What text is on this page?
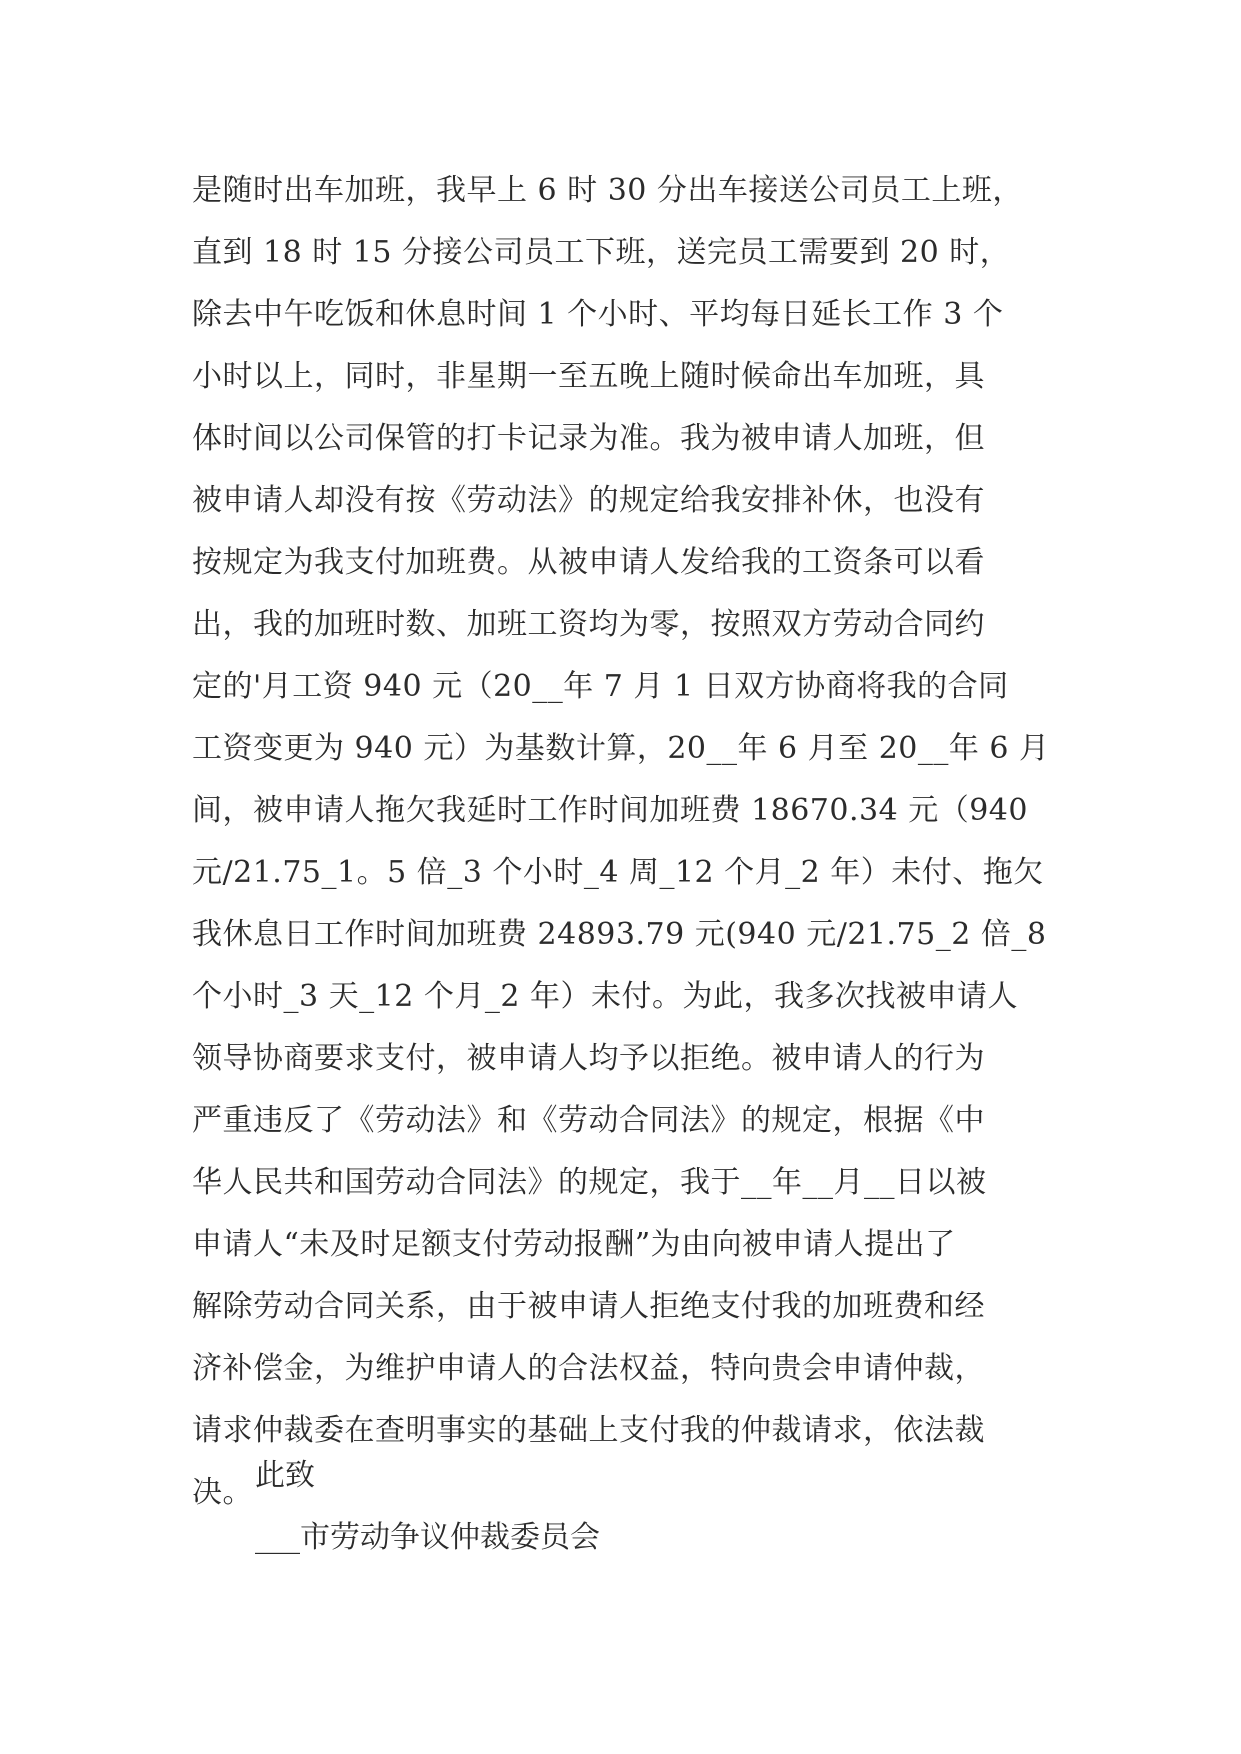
是随时出车加班，我早上 6 时 30 分出车接送公司员工上班，
直到 18 时 15 分接公司员工下班，送完员工需要到 20 时，
除去中午吃饭和休息时间 1 个小时、平均每日延长工作 3 个
小时以上，同时，非星期一至五晚上随时候命出车加班，具
体时间以公司保管的打卡记录为准。我为被申请人加班，但
被申请人却没有按《劳动法》的规定给我安排补休，也没有
按规定为我支付加班费。从被申请人发给我的工资条可以看
出，我的加班时数、加班工资均为零，按照双方劳动合同约
定的'月工资 940 元（20__年 7 月 1 日双方协商将我的合同
工资变更为 940 元）为基数计算，20__年 6 月至 20__年 6 月
间，被申请人拖欠我延时工作时间加班费 18670.34 元（940
元/21.75_1。5 倍_3 个小时_4 周_12 个月_2 年）未付、拖欠
我休息日工作时间加班费 24893.79 元(940 元/21.75_2 倍_8
个小时_3 天_12 个月_2 年）未付。为此，我多次找被申请人
领导协商要求支付，被申请人均予以拒绝。被申请人的行为
严重违反了《劳动法》和《劳动合同法》的规定，根据《中
华人民共和国劳动合同法》的规定，我于__年__月__日以被
申请人“未及时足额支付劳动报酬”为由向被申请人提出了
解除劳动合同关系，由于被申请人拒绝支付我的加班费和经
济补偿金，为维护申请人的合法权益，特向贵会申请仲裁，
请求仲裁委在查明事实的基础上支付我的仲裁请求，依法裁
决。 此致

___市劳动争议仲裁委员会
